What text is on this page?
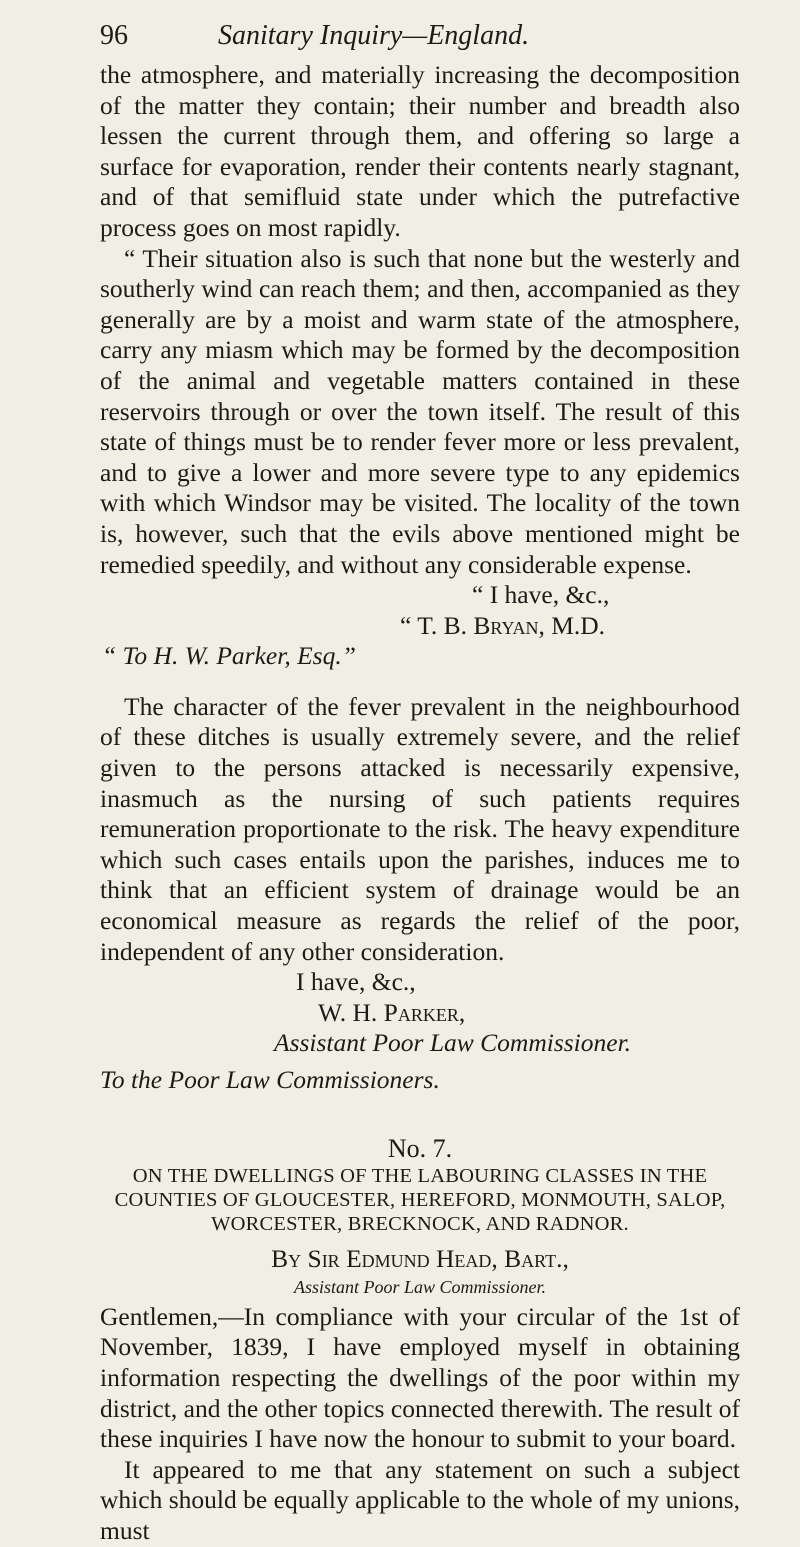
96	Sanitary Inquiry—England.

the atmosphere, and materially increasing the decomposition of the matter they contain; their number and breadth also lessen the current through them, and offering so large a surface for evaporation, render their contents nearly stagnant, and of that semifluid state under which the putrefactive process goes on most rapidly.

“ Their situation also is such that none but the westerly and southerly wind can reach them; and then, accompanied as they generally are by a moist and warm state of the atmosphere, carry any miasm which may be formed by the decomposition of the animal and vegetable matters contained in these reservoirs through or over the town itself. The result of this state of things must be to render fever more or less prevalent, and to give a lower and more severe type to any epidemics with which Windsor may be visited. The locality of the town is, however, such that the evils above mentioned might be remedied speedily, and without any considerable expense.

“ I have, &c.,
“ T. B. Bryan, M.D.
“ To H. W. Parker, Esq.”

The character of the fever prevalent in the neighbourhood of these ditches is usually extremely severe, and the relief given to the persons attacked is necessarily expensive, inasmuch as the nursing of such patients requires remuneration proportionate to the risk. The heavy expenditure which such cases entails upon the parishes, induces me to think that an efficient system of drainage would be an economical measure as regards the relief of the poor, independent of any other consideration.

I have, &c.,
W. H. Parker,
Assistant Poor Law Commissioner.
To the Poor Law Commissioners.
No. 7.
ON THE DWELLINGS OF THE LABOURING CLASSES IN THE COUNTIES OF GLOUCESTER, HEREFORD, MONMOUTH, SALOP, WORCESTER, BRECKNOCK, AND RADNOR.
By Sir Edmund Head, Bart.,
Assistant Poor Law Commissioner.

Gentlemen,—In compliance with your circular of the 1st of November, 1839, I have employed myself in obtaining information respecting the dwellings of the poor within my district, and the other topics connected therewith. The result of these inquiries I have now the honour to submit to your board.

It appeared to me that any statement on such a subject which should be equally applicable to the whole of my unions, must
